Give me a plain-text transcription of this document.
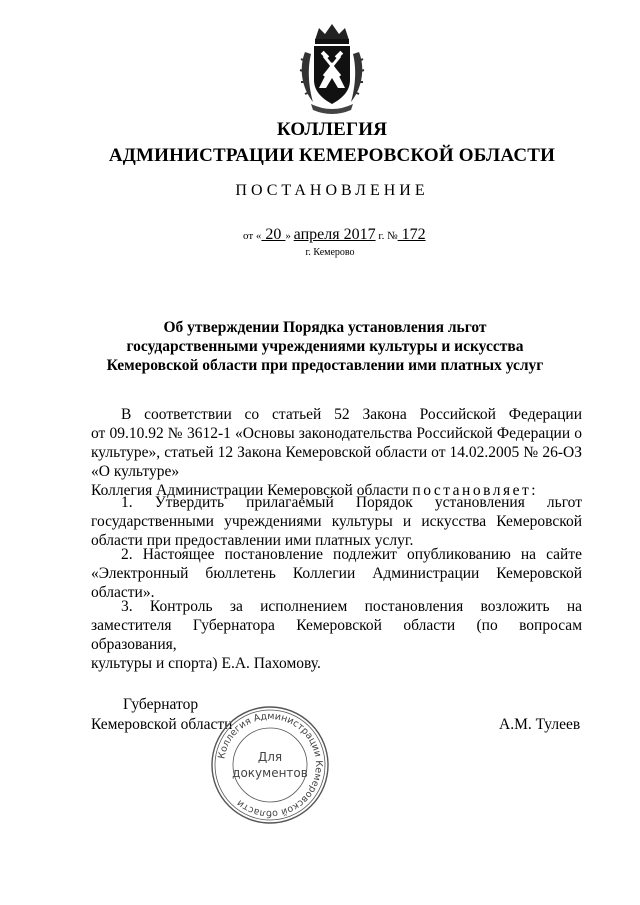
КОЛЛЕГИЯ
АДМИНИСТРАЦИИ КЕМЕРОВСКОЙ ОБЛАСТИ
ПОСТАНОВЛЕНИЕ
от « 20 » апреля 2017 г. № 172
г. Кемерово
Об утверждении Порядка установления льгот
государственными учреждениями культуры и искусства
Кемеровской области при предоставлении ими платных услуг
В соответствии со статьей 52 Закона Российской Федерации
от 09.10.92 № 3612-1 «Основы законодательства Российской Федерации о
культуре», статьей 12 Закона Кемеровской области от 14.02.2005 № 26-ОЗ
«О культуре»
Коллегия Администрации Кемеровской области постановляет:
1. Утвердить прилагаемый Порядок установления льгот
государственными учреждениями культуры и искусства Кемеровской
области при предоставлении ими платных услуг.
2. Настоящее постановление подлежит опубликованию на сайте
«Электронный бюллетень Коллегии Администрации Кемеровской
области».
3. Контроль за исполнением постановления возложить на
заместителя Губернатора Кемеровской области (по вопросам образования,
культуры и спорта) Е.А. Пахомову.
Губернатор
Кемеровской области	А.М. Тулеев
Коллегия Администрации Кемеровской области
Для
документов
